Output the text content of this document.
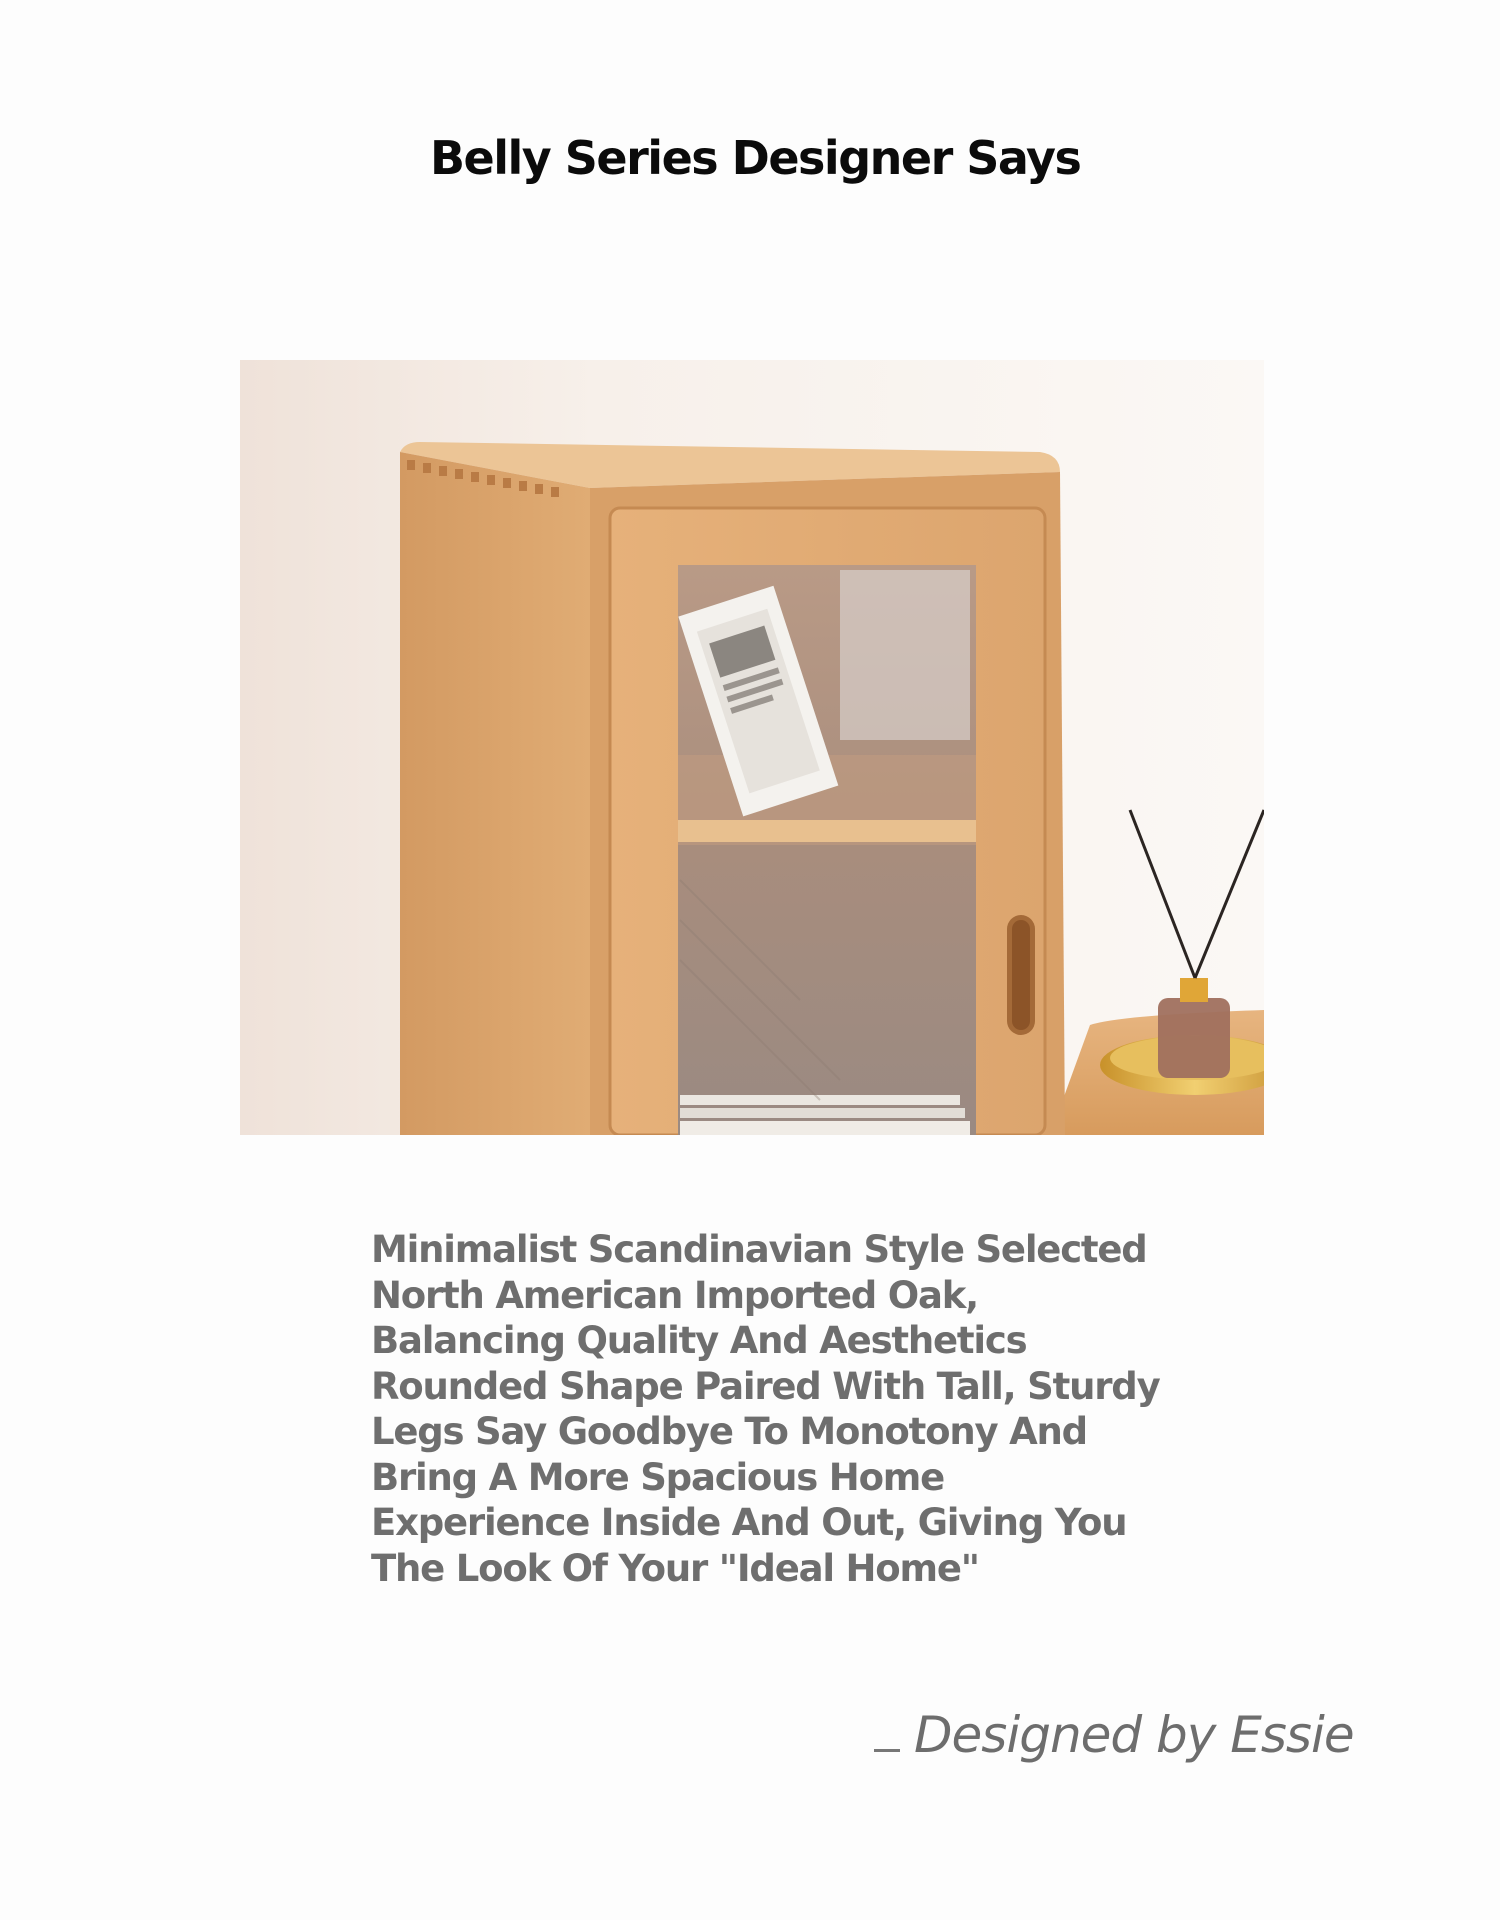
Belly Series Designer Says
Minimalist Scandinavian Style Selected
North American Imported Oak,
Balancing Quality And Aesthetics
Rounded Shape Paired With Tall, Sturdy
Legs Say Goodbye To Monotony And
Bring A More Spacious Home
Experience Inside And Out, Giving You
The Look Of Your "Ideal Home"
Designed by Essie
